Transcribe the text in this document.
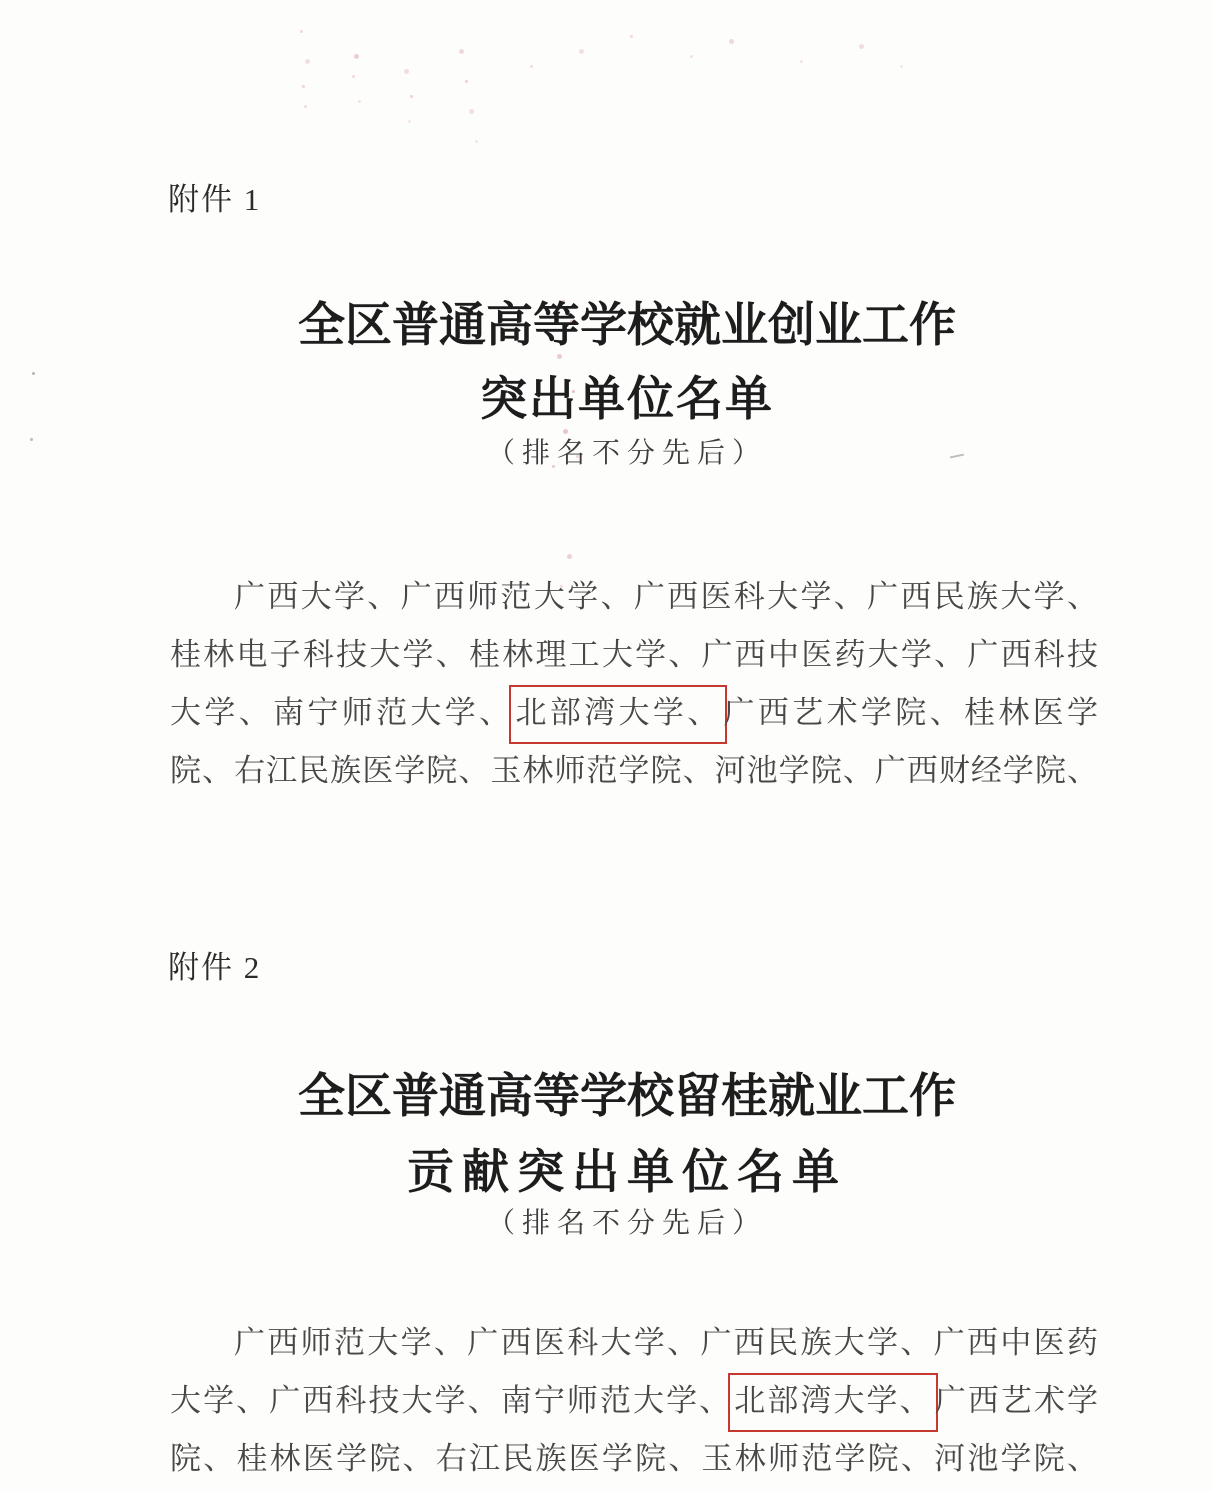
附件 1
全区普通高等学校就业创业工作
突出单位名单
（排名不分先后）
广西大学、广西师范大学、广西医科大学、广西民族大学、
桂林电子科技大学、桂林理工大学、广西中医药大学、广西科技
大学、南宁师范大学、北部湾大学、广西艺术学院、桂林医学
院、右江民族医学院、玉林师范学院、河池学院、广西财经学院、
附件 2
全区普通高等学校留桂就业工作
贡献突出单位名单
（排名不分先后）
广西师范大学、广西医科大学、广西民族大学、广西中医药
大学、广西科技大学、南宁师范大学、北部湾大学、广西艺术学
院、桂林医学院、右江民族医学院、玉林师范学院、河池学院、
